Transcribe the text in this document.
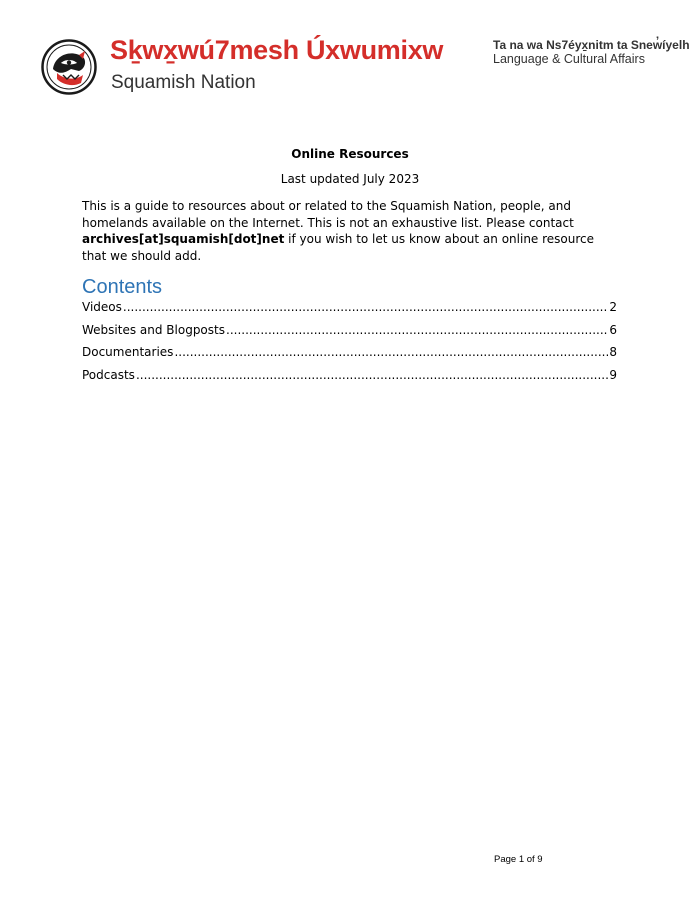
Sḵwx̱wú7mesh Úxwumixw
Squamish Nation
Ta na wa Ns7éyx̱nitm ta Snew̓íyelh
Language & Cultural Affairs
Online Resources
Last updated July 2023

This is a guide to resources about or related to the Squamish Nation, people, and homelands available on the Internet. This is not an exhaustive list. Please contact archives[at]squamish[dot]net if you wish to let us know about an online resource that we should add.

Contents
Videos .....	2
Websites and Blogposts .....	6
Documentaries .....	8
Podcasts .....	9
Page 1 of 9
